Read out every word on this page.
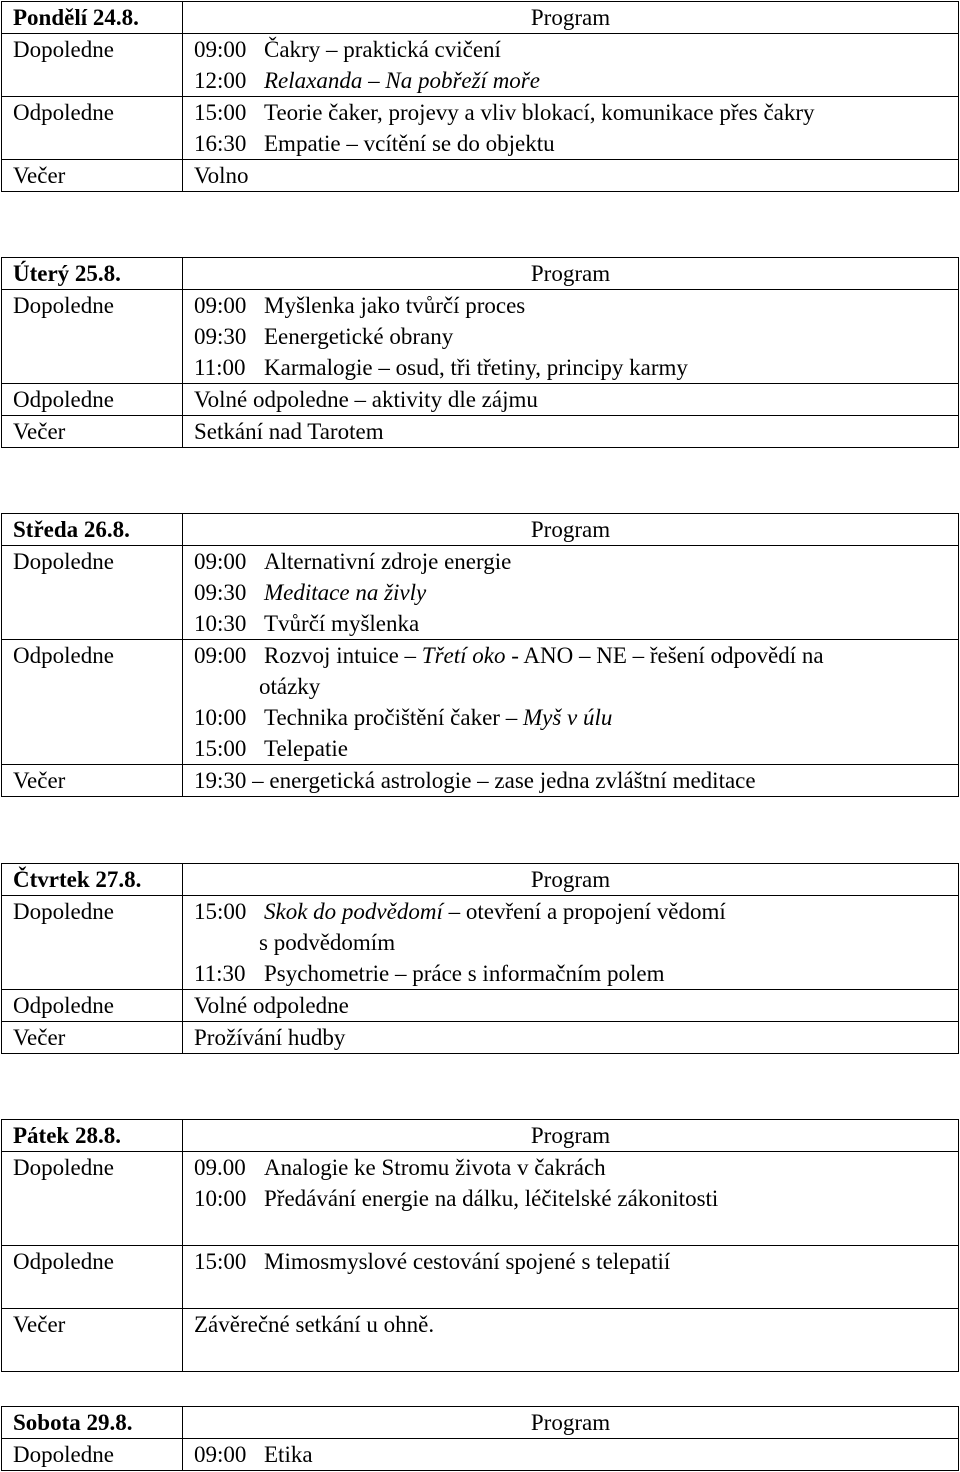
Pondělí 24.8.	Program
Dopoledne	09:00 Čakry – praktická cvičení
12:00 Relaxanda – Na pobřeží moře

Odpoledne	15:00 Teorie čaker, projevy a vliv blokací, komunikace přes čakry
16:30 Empatie – vcítění se do objektu

Večer	Volno
Úterý 25.8.	Program
Dopoledne	09:00 Myšlenka jako tvůrčí proces
09:30 Eenergetické obrany
11:00 Karmalogie – osud, tři třetiny, principy karmy

Odpoledne	Volné odpoledne – aktivity dle zájmu

Večer	Setkání nad Tarotem
Středa 26.8.	Program
Dopoledne	09:00 Alternativní zdroje energie
09:30 Meditace na živly
10:30 Tvůrčí myšlenka

Odpoledne	09:00 Rozvoj intuice – Třetí oko - ANO – NE – řešení odpovědí na
otázky
10:00 Technika pročištění čaker – Myš v úlu
15:00 Telepatie

Večer	19:30 – energetická astrologie – zase jedna zvláštní meditace
Čtvrtek 27.8.	Program
Dopoledne	15:00 Skok do podvědomí – otevření a propojení vědomí
s podvědomím
11:30 Psychometrie – práce s informačním polem

Odpoledne	Volné odpoledne

Večer	Prožívání hudby
Pátek 28.8.	Program
Dopoledne	09.00 Analogie ke Stromu života v čakrách
10:00 Předávání energie na dálku, léčitelské zákonitosti

Odpoledne	15:00 Mimosmyslové cestování spojené s telepatií

Večer	Závěrečné setkání u ohně.
Sobota 29.8.	Program
Dopoledne	09:00 Etika
